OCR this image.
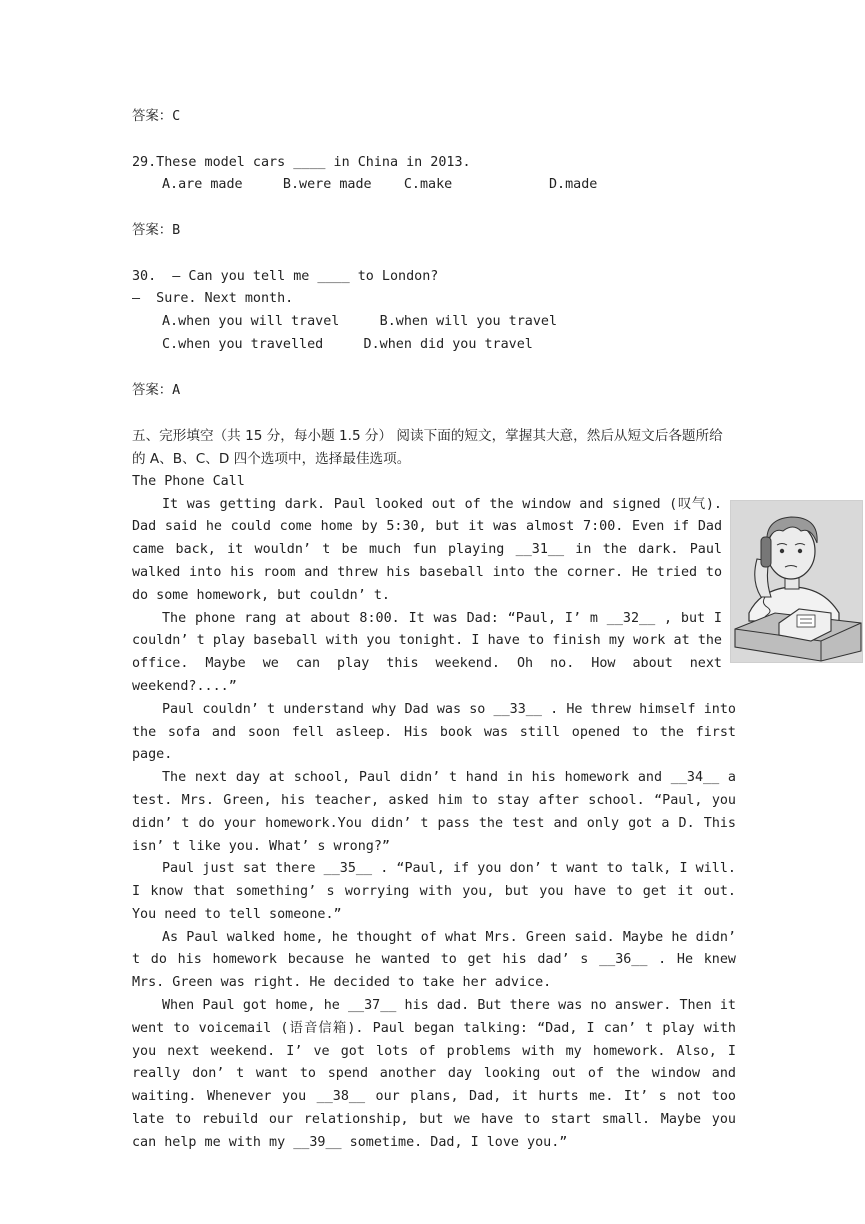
答案：C

29.These model cars ____ in China in 2013.

A.are made     B.were made    C.make            D.made

答案：B

30.  – Can you tell me ____ to London?

–  Sure. Next month.

A.when you will travel     B.when will you travel

C.when you travelled     D.when did you travel

答案：A

五、完形填空（共 15 分，每小题 1.5 分） 阅读下面的短文，掌握其大意，然后从短文后各题所给的 A、B、C、D 四个选项中，选择最佳选项。

The Phone Call

It was getting dark. Paul looked out of the window and signed (叹气). Dad said he could come home by 5:30, but it was almost 7:00. Even if Dad came back, it wouldn’ t be much fun playing __31__ in the dark. Paul walked into his room and threw his baseball into the corner. He tried to do some homework, but couldn’ t.

The phone rang at about 8:00. It was Dad: “Paul, I’ m __32__ , but I couldn’ t play baseball with you tonight. I have to finish my work at the office. Maybe we can play this weekend. Oh no. How about next weekend?....”

Paul couldn’ t understand why Dad was so __33__ . He threw himself into the sofa and soon fell asleep. His book was still opened to the first page.

The next day at school, Paul didn’ t hand in his homework and __34__ a test. Mrs. Green, his teacher, asked him to stay after school. “Paul, you didn’ t do your homework.You didn’ t pass the test and only got a D. This isn’ t like you. What’ s wrong?”

Paul just sat there __35__ . “Paul, if you don’ t want to talk, I will. I know that something’ s worrying with you, but you have to get it out. You need to tell someone.”

As Paul walked home, he thought of what Mrs. Green said. Maybe he didn’ t do his homework because he wanted to get his dad’ s __36__ . He knew Mrs. Green was right. He decided to take her advice.

When Paul got home, he __37__ his dad. But there was no answer. Then it went to voicemail (语音信箱). Paul began talking: “Dad, I can’ t play with you next weekend. I’ ve got lots of problems with my homework. Also, I really don’ t want to spend another day looking out of the window and waiting. Whenever you __38__ our plans, Dad, it hurts me. It’ s not too late to rebuild our relationship, but we have to start small. Maybe you can help me with my __39__ sometime. Dad, I love you.”
